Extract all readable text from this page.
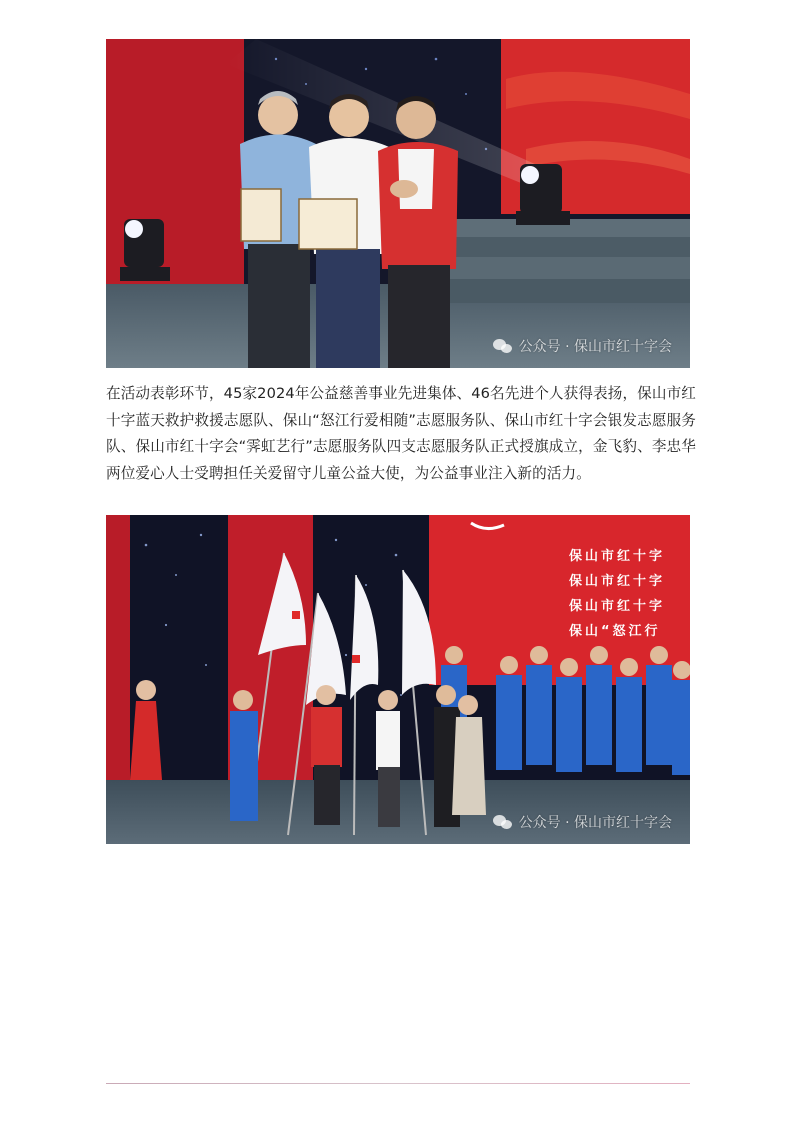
公众号 · 保山市红十字会

在活动表彰环节，45家2024年公益慈善事业先进集体、46名先进个人获得表扬，保山市红十字蓝天救护救援志愿队、保山“怒江行爱相随”志愿服务队、保山市红十字会银发志愿服务队、保山市红十字会“霁虹艺行”志愿服务队四支志愿服务队正式授旗成立，金飞豹、李忠华两位爱心人士受聘担任关爱留守儿童公益大使，为公益事业注入新的活力。

保山市红十字
保山市红十字
保山市红十字
保山“怒江行
公众号 · 保山市红十字会
